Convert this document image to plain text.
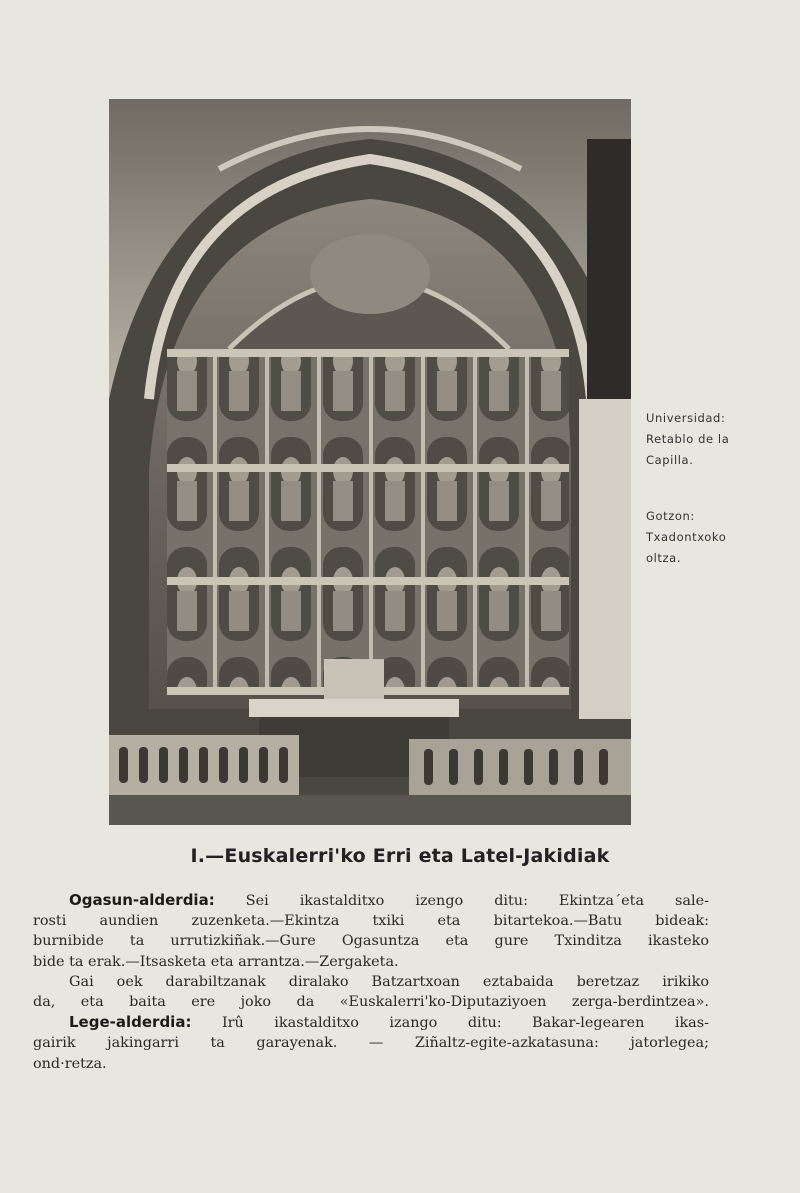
Universidad:
Retablo de la
Capilla.
Gotzon:
Txadontxoko
oltza.
I.—Euskalerri'ko Erri eta Latel-Jakidiak

Ogasun-alderdia: Sei ikastalditxo izengo ditu: Ekintza´eta sale-
rosti aundien zuzenketa.—Ekintza txiki eta bitartekoa.—Batu bideak:
burnibide ta urrutizkiñak.—Gure Ogasuntza eta gure Txinditza ikasteko
bide ta erak.—Itsasketa eta arrantza.—Zergaketa.

Gai oek darabiltzanak diralako Batzartxoan eztabaida beretzaz irikiko
da, eta baita ere joko da «Euskalerri'ko-Diputaziyoen zerga-berdintzea».

Lege-alderdia: Irû ikastalditxo izango ditu: Bakar-legearen ikas-
gairik jakingarri ta garayenak. — Ziñaltz-egite-azkatasuna: jatorlegea;
ond·retza.
